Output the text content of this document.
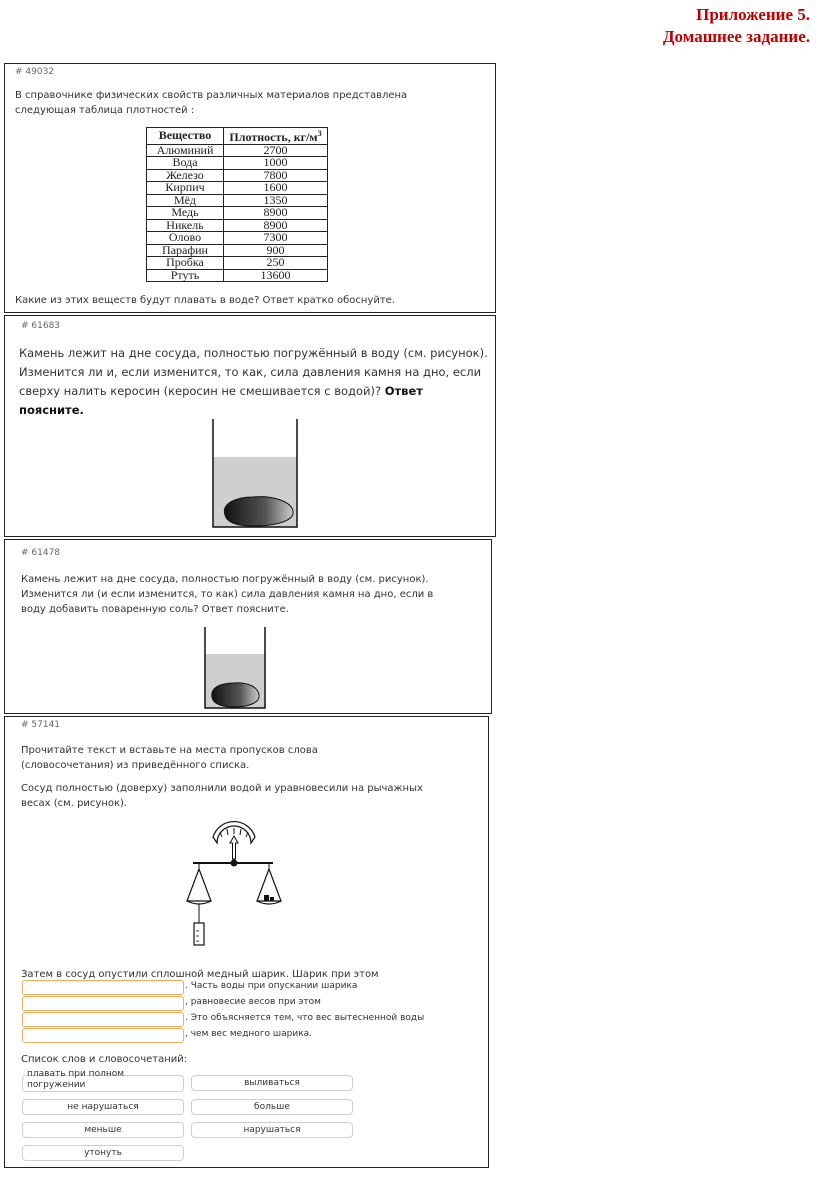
Приложение 5.
Домашнее задание.
# 49032
В справочнике физических свойств различных материалов представлена следующая таблица плотностей :
Вещество	Плотность, $кг/м^3$
Алюминий	2700
Вода	1000
Железо	7800
Кирпич	1600
Мёд	1350
Медь	8900
Никель	8900
Олово	7300
Парафин	900
Пробка	250
Ртуть	13600
Какие из этих веществ будут плавать в воде? Ответ кратко обоснуйте.
# 61683
Камень лежит на дне сосуда, полностью погружённый в воду (см. рисунок). Изменится ли и, если изменится, то как, сила давления камня на дно, если сверху налить керосин (керосин не смешивается с водой)? Ответ поясните.
# 61478
Камень лежит на дне сосуда, полностью погружённый в воду (см. рисунок). Изменится ли (и если изменится, то как) сила давления камня на дно, если в воду добавить поваренную соль? Ответ поясните.
# 57141
Прочитайте текст и вставьте на места пропусков слова (словосочетания) из приведённого списка.
Сосуд полностью (доверху) заполнили водой и уравновесили на рычажных весах (см. рисунок).
Затем в сосуд опустили сплошной медный шарик. Шарик при этом
. Часть воды при опускании шарика
, равновесие весов при этом
. Это объясняется тем, что вес вытесненной воды
, чем вес медного шарика.
Список слов и словосочетаний:
плавать при полном погружении	выливаться
не нарушаться	больше
меньше	нарушаться
утонуть
